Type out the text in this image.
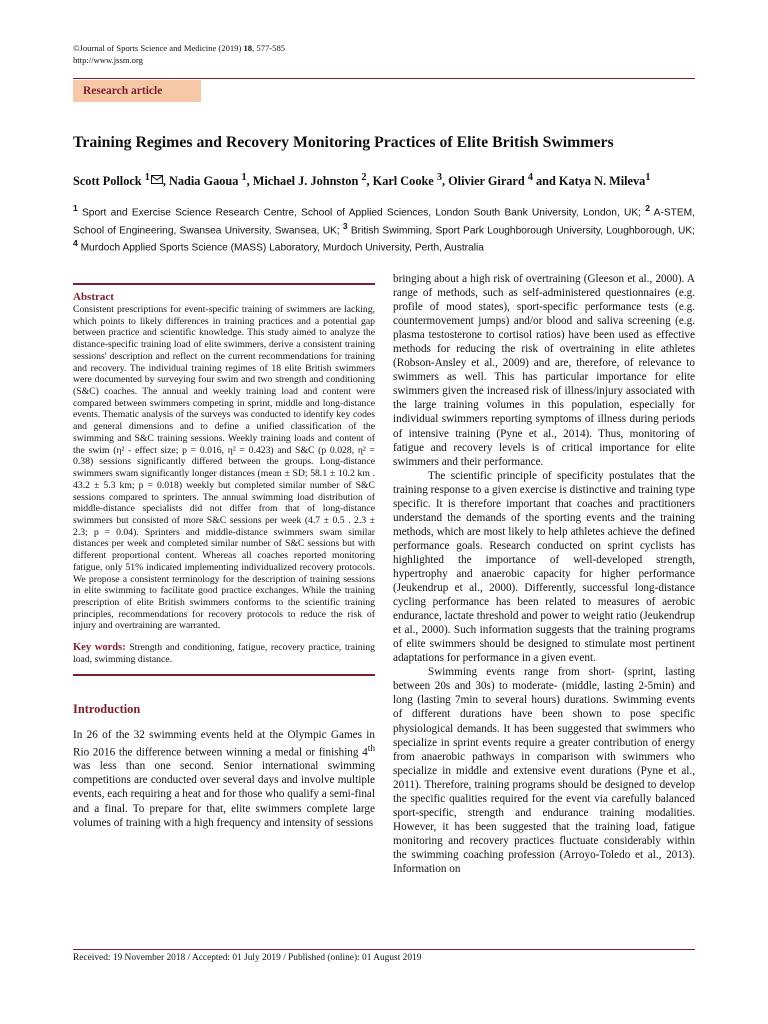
©Journal of Sports Science and Medicine (2019) 18, 577-585
http://www.jssm.org
Research article
Training Regimes and Recovery Monitoring Practices of Elite British Swimmers
Scott Pollock $^1$ , Nadia Gaoua $^1$, Michael J. Johnston $^2$, Karl Cooke $^3$, Olivier Girard $^4$ and Katya N. Mileva$^1$
$^1$ Sport and Exercise Science Research Centre, School of Applied Sciences, London South Bank University, London, UK; $^2$ A-STEM, School of Engineering, Swansea University, Swansea, UK; $^3$ British Swimming, Sport Park Loughborough University, Loughborough, UK; $^4$ Murdoch Applied Sports Science (MASS) Laboratory, Murdoch University, Perth, Australia
Abstract

Consistent prescriptions for event-specific training of swimmers are lacking, which points to likely differences in training practices and a potential gap between practice and scientific knowledge. This study aimed to analyze the distance-specific training load of elite swimmers, derive a consistent training sessions' description and reflect on the current recommendations for training and recovery. The individual training regimes of 18 elite British swimmers were documented by surveying four swim and two strength and conditioning (S&C) coaches. The annual and weekly training load and content were compared between swimmers competing in sprint, middle and long-distance events. Thematic analysis of the surveys was conducted to identify key codes and general dimensions and to define a unified classification of the swimming and S&C training sessions. Weekly training loads and content of the swim (η² - effect size; p = 0.016, η² = 0.423) and S&C (p 0.028, η² = 0.38) sessions significantly differed between the groups. Long-distance swimmers swam significantly longer distances (mean ± SD; 58.1 ± 10.2 km . 43.2 ± 5.3 km; p = 0.018) weekly but completed similar number of S&C sessions compared to sprinters. The annual swimming load distribution of middle-distance specialists did not differ from that of long-distance swimmers but consisted of more S&C sessions per week (4.7 ± 0.5 . 2.3 ± 2.3; p = 0.04). Sprinters and middle-distance swimmers swam similar distances per week and completed similar number of S&C sessions but with different proportional content. Whereas all coaches reported monitoring fatigue, only 51% indicated implementing individualized recovery protocols. We propose a consistent terminology for the description of training sessions in elite swimming to facilitate good practice exchanges. While the training prescription of elite British swimmers conforms to the scientific training principles, recommendations for recovery protocols to reduce the risk of injury and overtraining are warranted.

Key words: Strength and conditioning, fatigue, recovery practice, training load, swimming distance.
Introduction

In 26 of the 32 swimming events held at the Olympic Games in Rio 2016 the difference between winning a medal or finishing 4th was less than one second. Senior international swimming competitions are conducted over several days and involve multiple events, each requiring a heat and for those who qualify a semi-final and a final. To prepare for that, elite swimmers complete large volumes of training with a high frequency and intensity of sessions

bringing about a high risk of overtraining (Gleeson et al., 2000). A range of methods, such as self-administered questionnaires (e.g. profile of mood states), sport-specific performance tests (e.g. countermovement jumps) and/or blood and saliva screening (e.g. plasma testosterone to cortisol ratios) have been used as effective methods for reducing the risk of overtraining in elite athletes (Robson-Ansley et al., 2009) and are, therefore, of relevance to swimmers as well. This has particular importance for elite swimmers given the increased risk of illness/injury associated with the large training volumes in this population, especially for individual swimmers reporting symptoms of illness during periods of intensive training (Pyne et al., 2014). Thus, monitoring of fatigue and recovery levels is of critical importance for elite swimmers and their performance.

The scientific principle of specificity postulates that the training response to a given exercise is distinctive and training type specific. It is therefore important that coaches and practitioners understand the demands of the sporting events and the training methods, which are most likely to help athletes achieve the defined performance goals. Research conducted on sprint cyclists has highlighted the importance of well-developed strength, hypertrophy and anaerobic capacity for higher performance (Jeukendrup et al., 2000). Differently, successful long-distance cycling performance has been related to measures of aerobic endurance, lactate threshold and power to weight ratio (Jeukendrup et al., 2000). Such information suggests that the training programs of elite swimmers should be designed to stimulate most pertinent adaptations for performance in a given event.

Swimming events range from short- (sprint, lasting between 20s and 30s) to moderate- (middle, lasting 2-5min) and long (lasting 7min to several hours) durations. Swimming events of different durations have been shown to pose specific physiological demands. It has been suggested that swimmers who specialize in sprint events require a greater contribution of energy from anaerobic pathways in comparison with swimmers who specialize in middle and extensive event durations (Pyne et al., 2011). Therefore, training programs should be designed to develop the specific qualities required for the event via carefully balanced sport-specific, strength and endurance training modalities. However, it has been suggested that the training load, fatigue monitoring and recovery practices fluctuate considerably within the swimming coaching profession (Arroyo-Toledo et al., 2013). Information on

Received: 19 November 2018 / Accepted: 01 July 2019 / Published (online): 01 August 2019
